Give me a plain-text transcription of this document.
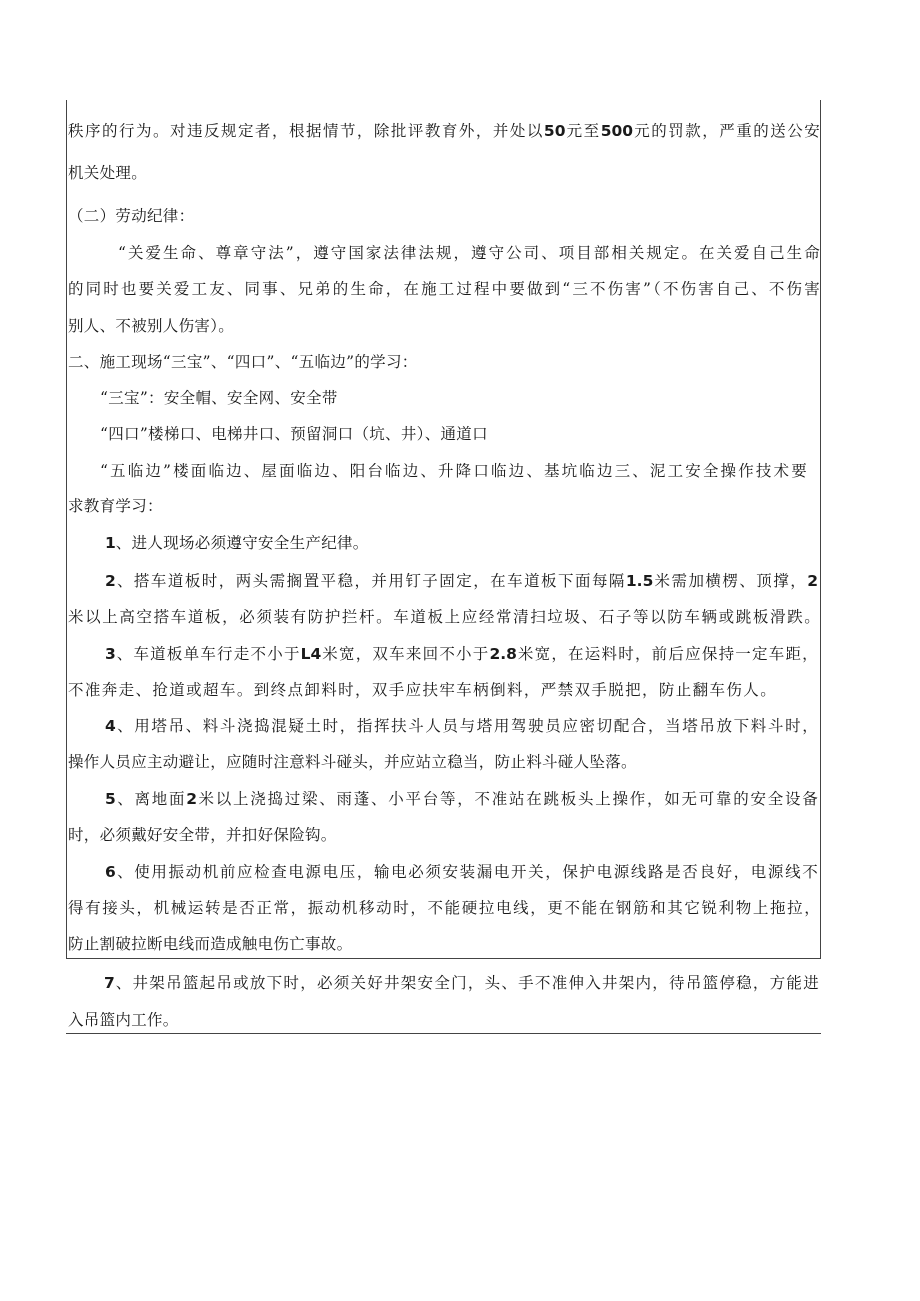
秩序的行为。对违反规定者，根据情节，除批评教育外，并处以50元至500元的罚款，严重的送公安
机关处理。
（二）劳动纪律：
“关爱生命、尊章守法”，遵守国家法律法规，遵守公司、项目部相关规定。在关爱自己生命
的同时也要关爱工友、同事、兄弟的生命，在施工过程中要做到“三不伤害”（不伤害自己、不伤害
别人、不被别人伤害）。
二、施工现场“三宝”、“四口”、“五临边”的学习：
“三宝”：安全帽、安全网、安全带
“四口”楼梯口、电梯井口、预留洞口（坑、井）、通道口
“五临边”楼面临边、屋面临边、阳台临边、升降口临边、基坑临边三、泥工安全操作技术要
求教育学习：
1、进人现场必须遵守安全生产纪律。
2、搭车道板时，两头需搁置平稳，并用钉子固定，在车道板下面每隔1.5米需加横楞、顶撑，2
米以上高空搭车道板，必须装有防护拦杆。车道板上应经常清扫垃圾、石子等以防车辆或跳板滑跌。
3、车道板单车行走不小于L4米宽，双车来回不小于2.8米宽，在运料时，前后应保持一定车距，
不准奔走、抢道或超车。到终点卸料时，双手应扶牢车柄倒料，严禁双手脱把，防止翻车伤人。
4、用塔吊、料斗浇捣混疑土时，指挥扶斗人员与塔用驾驶员应密切配合，当塔吊放下料斗时，
操作人员应主动避让，应随时注意料斗碰头，并应站立稳当，防止料斗碰人坠落。
5、离地面2米以上浇捣过梁、雨蓬、小平台等，不准站在跳板头上操作，如无可靠的安全设备
时，必须戴好安全带，并扣好保险钩。
6、使用振动机前应检查电源电压，输电必须安装漏电开关，保护电源线路是否良好，电源线不
得有接头，机械运转是否正常，振动机移动时，不能硬拉电线，更不能在钢筋和其它锐利物上拖拉，
防止割破拉断电线而造成触电伤亡事故。
7、井架吊篮起吊或放下时，必须关好井架安全门，头、手不准伸入井架内，待吊篮停稳，方能进
入吊篮内工作。
